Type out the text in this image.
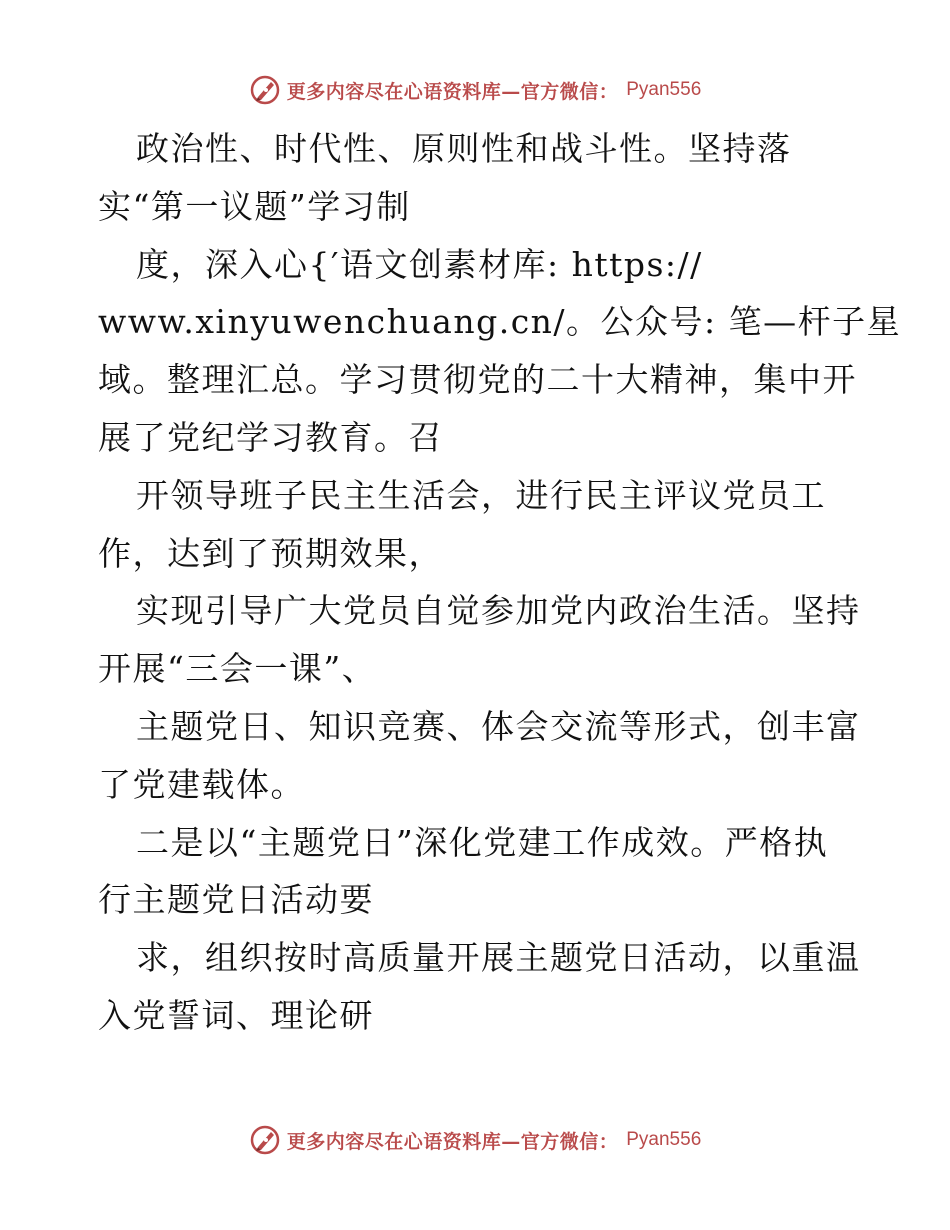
更多内容尽在心语资料库—官方微信： Pyan556
政治性、时代性、原则性和战斗性。坚持落
实“第一议题”学习制
度，深入心{′语文创素材库: https://
www.xinyuwenchuang.cn/。公众号: 笔—杆子星
域。整理汇总。学习贯彻党的二十大精神，集中开
展了党纪学习教育。召
开领导班子民主生活会，进行民主评议党员工
作，达到了预期效果，
实现引导广大党员自觉参加党内政治生活。坚持
开展“三会一课”、
主题党日、知识竞赛、体会交流等形式，创丰富
了党建载体。
二是以“主题党日”深化党建工作成效。严格执
行主题党日活动要
求，组织按时高质量开展主题党日活动，以重温
入党誓词、理论研
更多内容尽在心语资料库—官方微信： Pyan556
